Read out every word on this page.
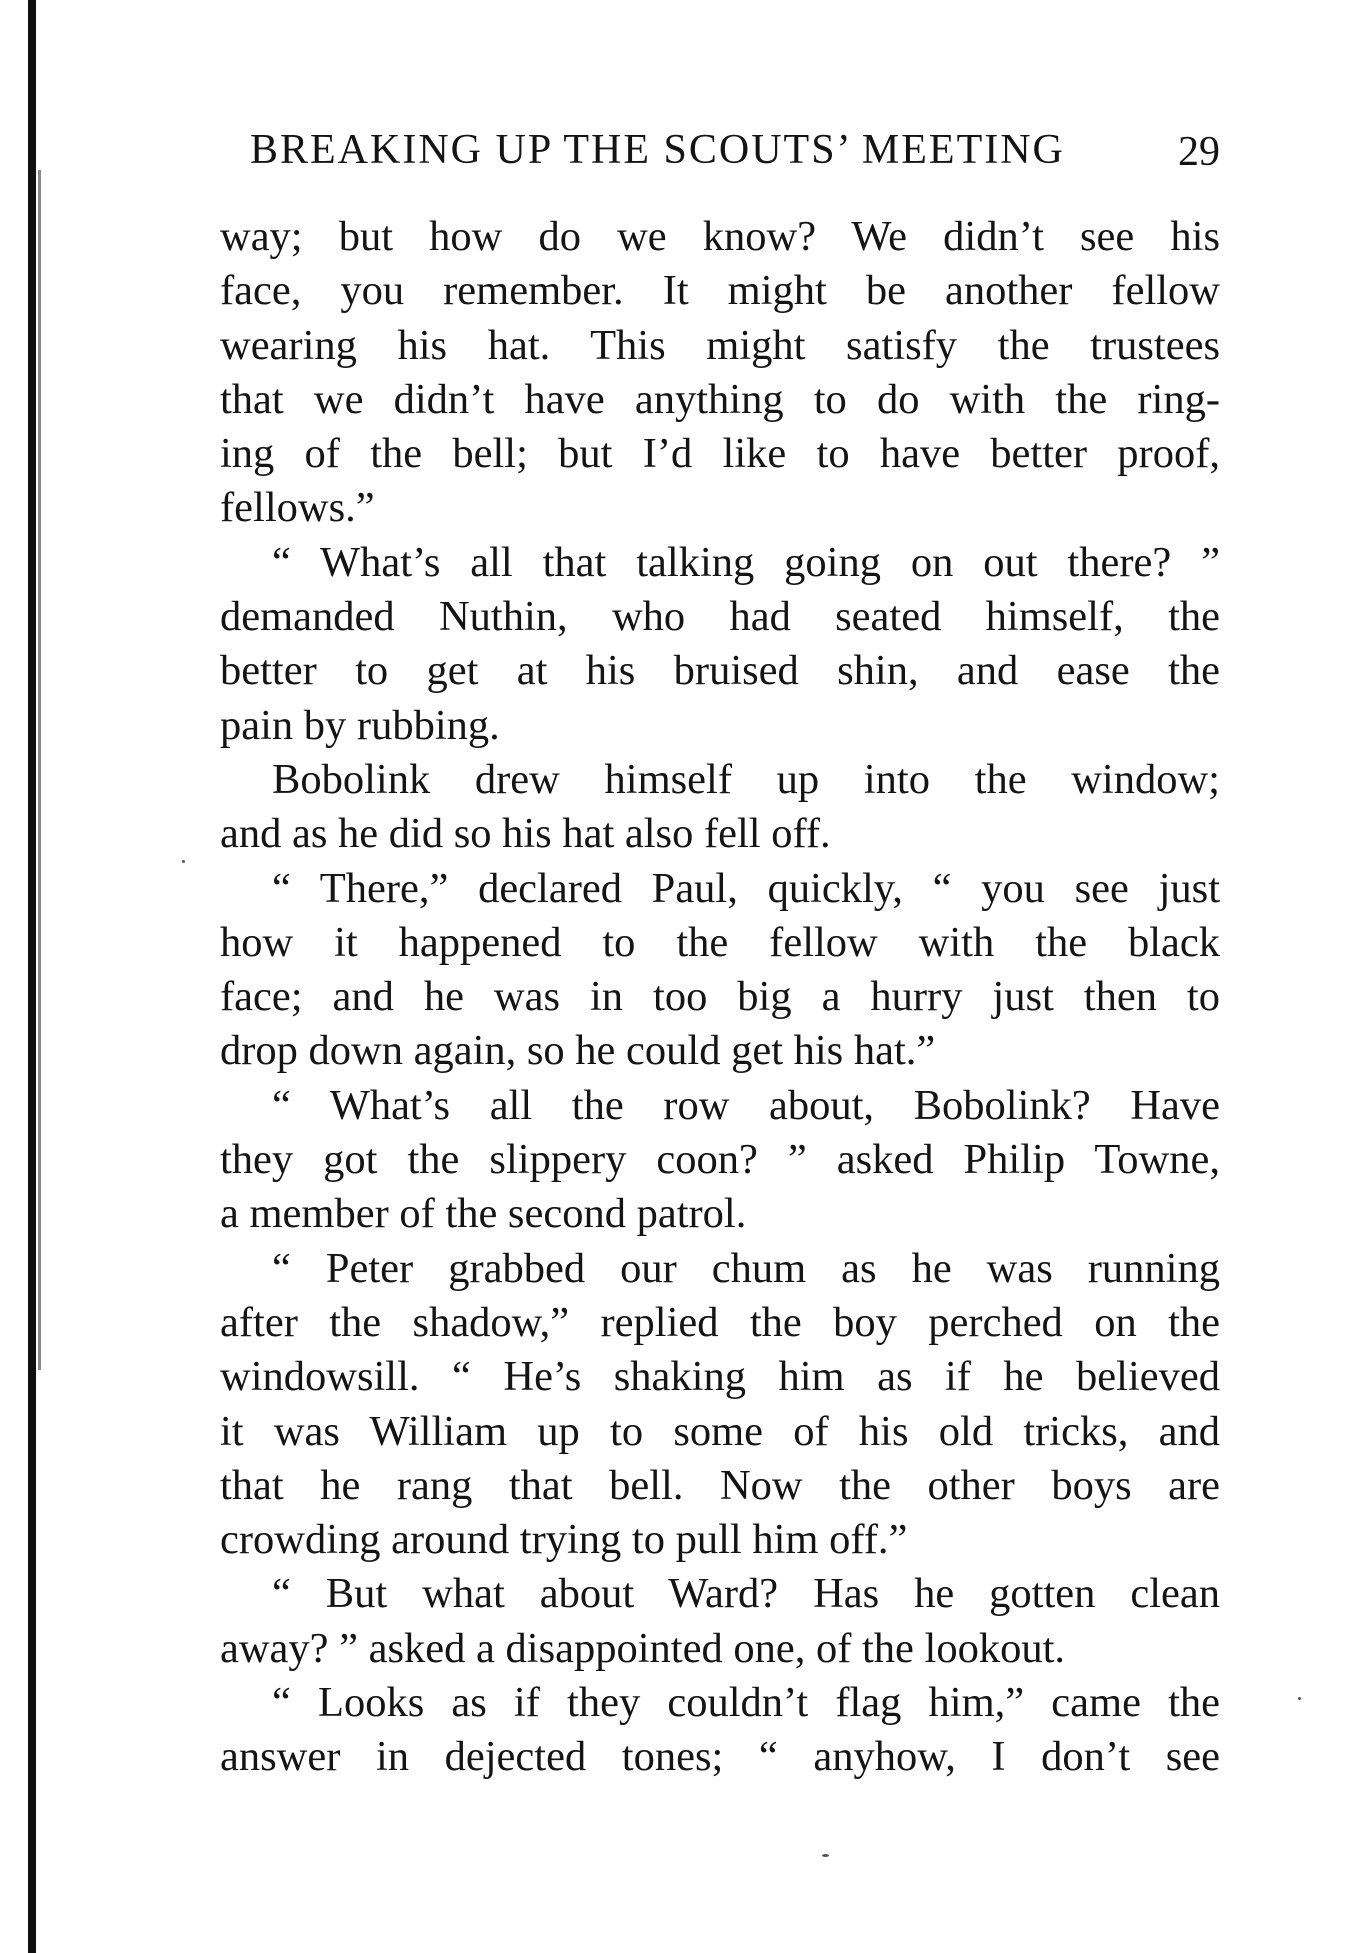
BREAKING UP THE SCOUTS’ MEETING	29
way; but how do we know? We didn’t see his
face, you remember. It might be another fellow
wearing his hat. This might satisfy the trustees
that we didn’t have anything to do with the ring-
ing of the bell; but I’d like to have better proof,
fellows.”
“ What’s all that talking going on out there? ”
demanded Nuthin, who had seated himself, the
better to get at his bruised shin, and ease the
pain by rubbing.
Bobolink drew himself up into the window;
and as he did so his hat also fell off.
“ There,” declared Paul, quickly, “ you see just
how it happened to the fellow with the black
face; and he was in too big a hurry just then to
drop down again, so he could get his hat.”
“ What’s all the row about, Bobolink? Have
they got the slippery coon? ” asked Philip Towne,
a member of the second patrol.
“ Peter grabbed our chum as he was running
after the shadow,” replied the boy perched on the
windowsill. “ He’s shaking him as if he believed
it was William up to some of his old tricks, and
that he rang that bell. Now the other boys are
crowding around trying to pull him off.”
“ But what about Ward? Has he gotten clean
away? ” asked a disappointed one, of the lookout.
“ Looks as if they couldn’t flag him,” came the
answer in dejected tones; “ anyhow, I don’t see
